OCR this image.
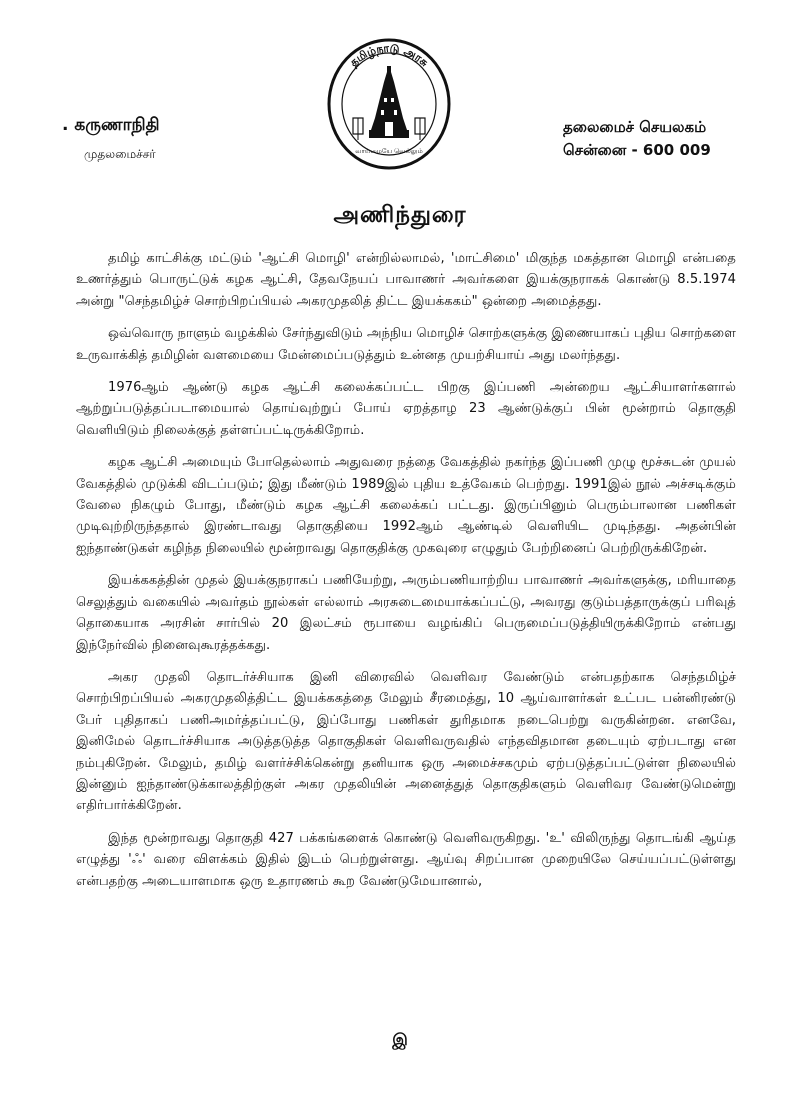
தமிழ்நாடு அரசு
வாய்மையே வெல்லும்
. கருணாநிதி
முதலமைச்சர்
தலைமைச் செயலகம்
சென்னை - 600 009
அணிந்துரை

தமிழ் காட்சிக்கு மட்டும் 'ஆட்சி மொழி' என்றில்லாமல், 'மாட்சிமை' மிகுந்த மகத்தான மொழி என்பதை உணர்த்தும் பொருட்டுக் கழக ஆட்சி, தேவநேயப் பாவாணர் அவர்களை இயக்குநராகக் கொண்டு 8.5.1974 அன்று "செந்தமிழ்ச் சொற்பிறப்பியல் அகரமுதலித் திட்ட இயக்ககம்" ஒன்றை அமைத்தது.

ஒவ்வொரு நாளும் வழக்கில் சேர்ந்துவிடும் அந்நிய மொழிச் சொற்களுக்கு இணையாகப் புதிய சொற்களை உருவாக்கித் தமிழின் வளமையை மேன்மைப்படுத்தும் உன்னத முயற்சியாய் அது மலர்ந்தது.

1976ஆம் ஆண்டு கழக ஆட்சி கலைக்கப்பட்ட பிறகு இப்பணி அன்றைய ஆட்சியாளர்களால் ஆற்றுப்படுத்தப்படாமையால் தொய்வுற்றுப் போய் ஏறத்தாழ 23 ஆண்டுக்குப் பின் மூன்றாம் தொகுதி வெளியிடும் நிலைக்குத் தள்ளப்பட்டிருக்கிறோம்.

கழக ஆட்சி அமையும் போதெல்லாம் அதுவரை நத்தை வேகத்தில் நகர்ந்த இப்பணி முழு மூச்சுடன் முயல் வேகத்தில் முடுக்கி விடப்படும்; இது மீண்டும் 1989இல் புதிய உத்வேகம் பெற்றது. 1991இல் நூல் அச்சடிக்கும் வேலை நிகழும் போது, மீண்டும் கழக ஆட்சி கலைக்கப் பட்டது. இருப்பினும் பெரும்பாலான பணிகள் முடிவுற்றிருந்ததால் இரண்டாவது தொகுதியை 1992ஆம் ஆண்டில் வெளியிட முடிந்தது. அதன்பின் ஐந்தாண்டுகள் கழிந்த நிலையில் மூன்றாவது தொகுதிக்கு முகவுரை எழுதும் பேற்றினைப் பெற்றிருக்கிறேன்.

இயக்ககத்தின் முதல் இயக்குநராகப் பணியேற்று, அரும்பணியாற்றிய பாவாணர் அவர்களுக்கு, மரியாதை செலுத்தும் வகையில் அவர்தம் நூல்கள் எல்லாம் அரசுடைமையாக்கப்பட்டு, அவரது குடும்பத்தாருக்குப் பரிவுத் தொகையாக அரசின் சார்பில் 20 இலட்சம் ரூபாயை வழங்கிப் பெருமைப்படுத்தியிருக்கிறோம் என்பது இந்நேர்வில் நினைவுகூரத்தக்கது.

அகர முதலி தொடர்ச்சியாக இனி விரைவில் வெளிவர வேண்டும் என்பதற்காக செந்தமிழ்ச் சொற்பிறப்பியல் அகரமுதலித்திட்ட இயக்ககத்தை மேலும் சீரமைத்து, 10 ஆய்வாளர்கள் உட்பட பன்னிரண்டு பேர் புதிதாகப் பணிஅமர்த்தப்பட்டு, இப்போது பணிகள் துரிதமாக நடைபெற்று வருகின்றன. எனவே, இனிமேல் தொடர்ச்சியாக அடுத்தடுத்த தொகுதிகள் வெளிவருவதில் எந்தவிதமான தடையும் ஏற்படாது என நம்புகிறேன். மேலும், தமிழ் வளர்ச்சிக்கென்று தனியாக ஒரு அமைச்சகமும் ஏற்படுத்தப்பட்டுள்ள நிலையில் இன்னும் ஐந்தாண்டுக்காலத்திற்குள் அகர முதலியின் அனைத்துத் தொகுதிகளும் வெளிவர வேண்டுமென்று எதிர்பார்க்கிறேன்.

இந்த மூன்றாவது தொகுதி 427 பக்கங்களைக் கொண்டு வெளிவருகிறது. 'உ' விலிருந்து தொடங்கி ஆய்த எழுத்து 'ஃ' வரை விளக்கம் இதில் இடம் பெற்றுள்ளது. ஆய்வு சிறப்பான முறையிலே செய்யப்பட்டுள்ளது என்பதற்கு அடையாளமாக ஒரு உதாரணம் கூற வேண்டுமேயானால்,

இ
